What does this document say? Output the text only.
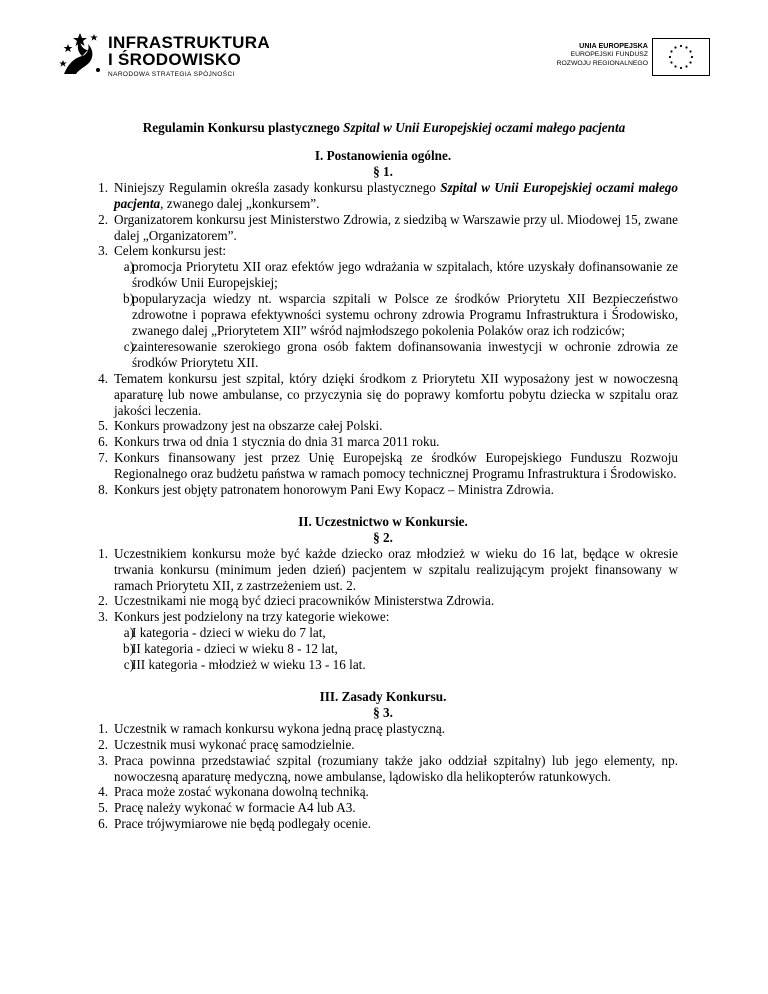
INFRASTRUKTURA
I ŚRODOWISKO
NARODOWA STRATEGIA SPÓJNOŚCI
UNIA EUROPEJSKA
EUROPEJSKI FUNDUSZ
ROZWOJU REGIONALNEGO
Regulamin Konkursu plastycznego Szpital w Unii Europejskiej oczami małego pacjenta
I. Postanowienia ogólne.
§ 1.
1. Niniejszy Regulamin określa zasady konkursu plastycznego Szpital w Unii Europejskiej oczami małego pacjenta, zwanego dalej „konkursem”.
2. Organizatorem konkursu jest Ministerstwo Zdrowia, z siedzibą w Warszawie przy ul. Miodowej 15, zwane dalej „Organizatorem”.
3. Celem konkursu jest:
a)
promocja Priorytetu XII oraz efektów jego wdrażania w szpitalach, które uzyskały dofinansowanie ze środków Unii Europejskiej;
b)
popularyzacja wiedzy nt. wsparcia szpitali w Polsce ze środków Priorytetu XII Bezpieczeństwo zdrowotne i poprawa efektywności systemu ochrony zdrowia Programu Infrastruktura i Środowisko, zwanego dalej „Priorytetem XII” wśród najmłodszego pokolenia Polaków oraz ich rodziców;
c)
zainteresowanie szerokiego grona osób faktem dofinansowania inwestycji w ochronie zdrowia ze środków Priorytetu XII.
4. Tematem konkursu jest szpital, który dzięki środkom z Priorytetu XII wyposażony jest w nowoczesną aparaturę lub nowe ambulanse, co przyczynia się do poprawy komfortu pobytu dziecka w szpitalu oraz jakości leczenia.
5. Konkurs prowadzony jest na obszarze całej Polski.
6. Konkurs trwa od dnia 1 stycznia do dnia 31 marca 2011 roku.
7. Konkurs finansowany jest przez Unię Europejską ze środków Europejskiego Funduszu Rozwoju Regionalnego oraz budżetu państwa w ramach pomocy technicznej Programu Infrastruktura i Środowisko.
8. Konkurs jest objęty patronatem honorowym Pani Ewy Kopacz – Ministra Zdrowia.
II. Uczestnictwo w Konkursie.
§ 2.
1. Uczestnikiem konkursu może być każde dziecko oraz młodzież w wieku do 16 lat, będące w okresie trwania konkursu (minimum jeden dzień) pacjentem w szpitalu realizującym projekt finansowany w ramach Priorytetu XII, z zastrzeżeniem ust. 2.
2. Uczestnikami nie mogą być dzieci pracowników Ministerstwa Zdrowia.
3. Konkurs jest podzielony na trzy kategorie wiekowe:
a)
I kategoria - dzieci w wieku do 7 lat,
b)
II kategoria - dzieci w wieku 8 - 12 lat,
c)
III kategoria - młodzież w wieku 13 - 16 lat.
III. Zasady Konkursu.
§ 3.
1. Uczestnik w ramach konkursu wykona jedną pracę plastyczną.
2. Uczestnik musi wykonać pracę samodzielnie.
3. Praca powinna przedstawiać szpital (rozumiany także jako oddział szpitalny) lub jego elementy, np. nowoczesną aparaturę medyczną, nowe ambulanse, lądowisko dla helikopterów ratunkowych.
4. Praca może zostać wykonana dowolną techniką.
5. Pracę należy wykonać w formacie A4 lub A3.
6. Prace trójwymiarowe nie będą podlegały ocenie.
